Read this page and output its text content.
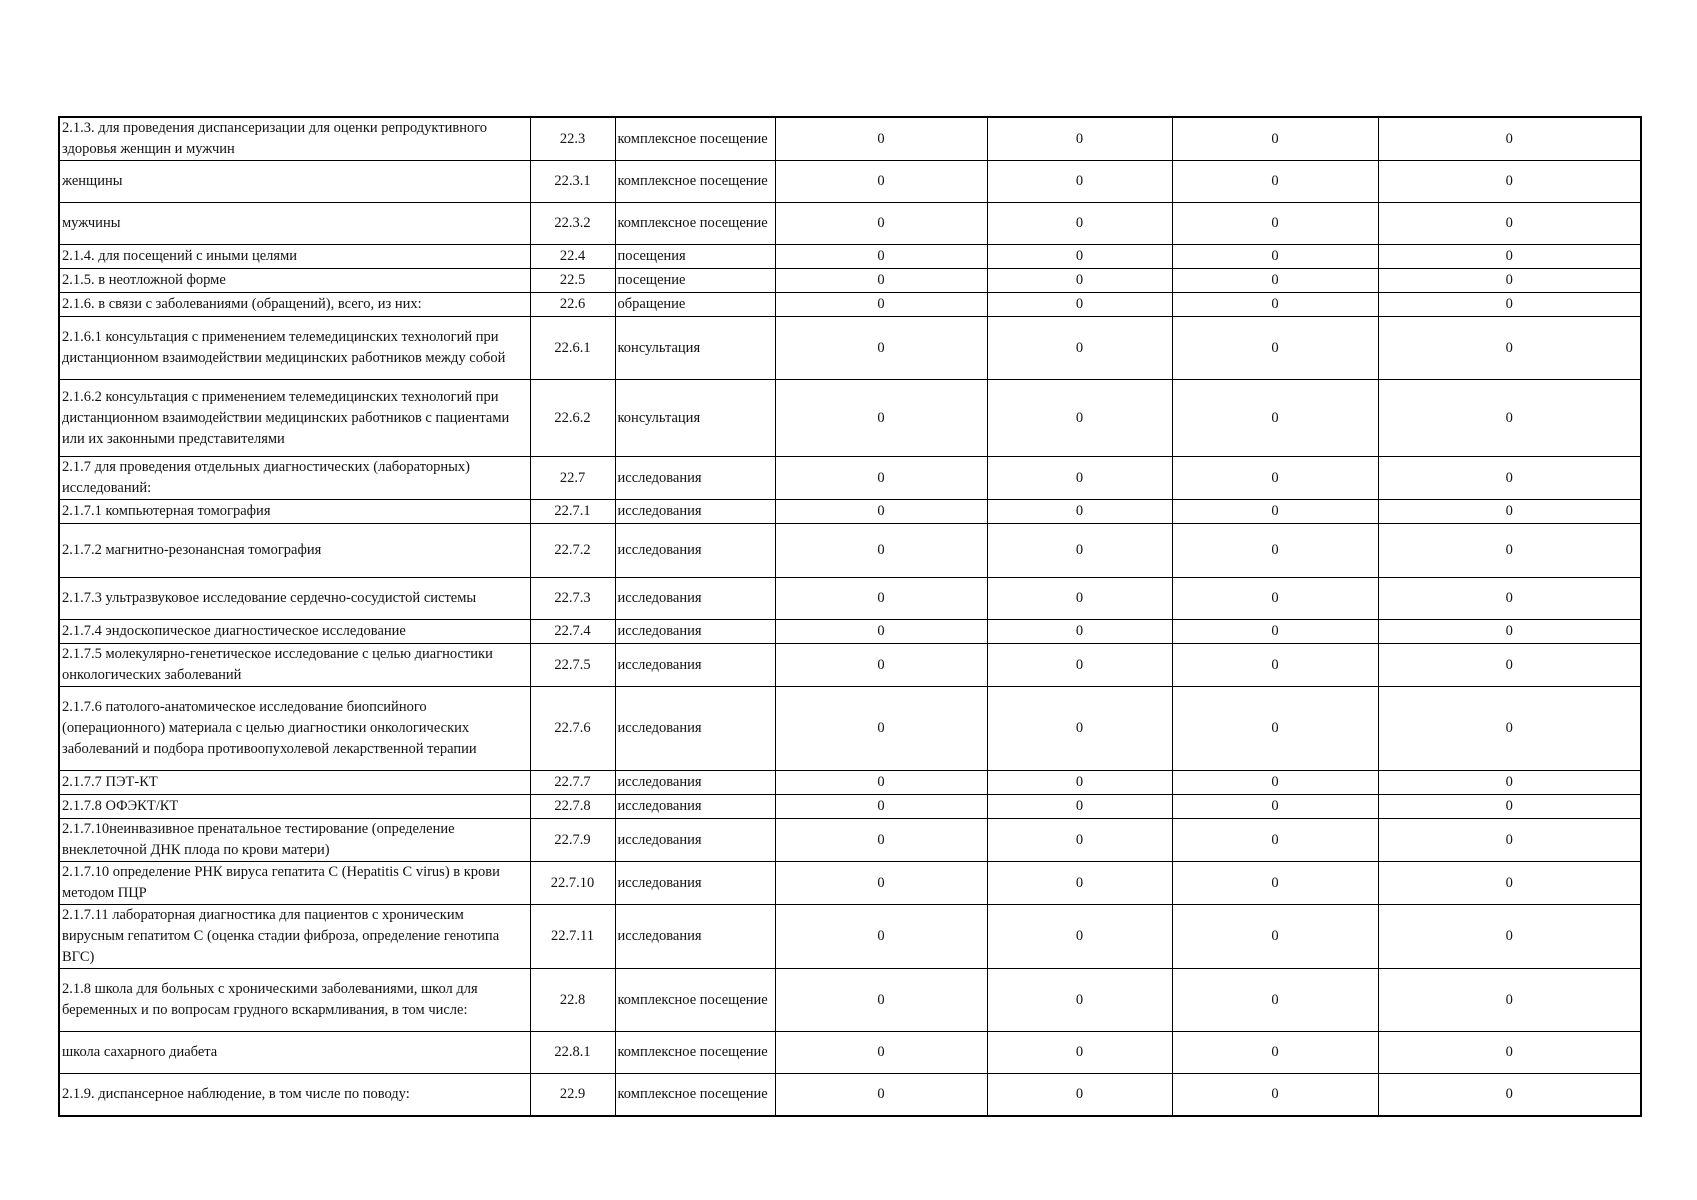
2.1.3. для проведения диспансеризации для оценки репродуктивного здоровья женщин и мужчин	22.3	комплексное посещение	0	0	0	0
женщины	22.3.1	комплексное посещение	0	0	0	0
мужчины	22.3.2	комплексное посещение	0	0	0	0
2.1.4. для посещений с иными целями	22.4	посещения	0	0	0	0
2.1.5. в неотложной форме	22.5	посещение	0	0	0	0
2.1.6. в связи с заболеваниями (обращений), всего, из них:	22.6	обращение	0	0	0	0
2.1.6.1 консультация с применением телемедицинских технологий при дистанционном взаимодействии медицинских работников между собой	22.6.1	консультация	0	0	0	0
2.1.6.2 консультация с применением телемедицинских технологий при дистанционном взаимодействии медицинских работников с пациентами или их законными представителями	22.6.2	консультация	0	0	0	0
2.1.7 для проведения отдельных диагностических (лабораторных) исследований:	22.7	исследования	0	0	0	0
2.1.7.1 компьютерная томография	22.7.1	исследования	0	0	0	0
2.1.7.2 магнитно-резонансная томография	22.7.2	исследования	0	0	0	0
2.1.7.3 ультразвуковое исследование сердечно-сосудистой системы	22.7.3	исследования	0	0	0	0
2.1.7.4 эндоскопическое диагностическое исследование	22.7.4	исследования	0	0	0	0
2.1.7.5 молекулярно-генетическое исследование с целью диагностики онкологических заболеваний	22.7.5	исследования	0	0	0	0
2.1.7.6 патолого-анатомическое исследование биопсийного (операционного) материала с целью диагностики онкологических заболеваний и подбора противоопухолевой лекарственной терапии	22.7.6	исследования	0	0	0	0
2.1.7.7 ПЭТ-КТ	22.7.7	исследования	0	0	0	0
2.1.7.8 ОФЭКТ/КТ	22.7.8	исследования	0	0	0	0
2.1.7.10неинвазивное пренатальное тестирование (определение внеклеточной ДНК плода по крови матери)	22.7.9	исследования	0	0	0	0
2.1.7.10 определение РНК вируса гепатита С (Hepatitis C virus) в крови методом ПЦР	22.7.10	исследования	0	0	0	0
2.1.7.11 лабораторная диагностика для пациентов с хроническим вирусным гепатитом С (оценка стадии фиброза, определение генотипа ВГС)	22.7.11	исследования	0	0	0	0
2.1.8 школа для больных с хроническими заболеваниями, школ для беременных и по вопросам грудного вскармливания, в том числе:	22.8	комплексное посещение	0	0	0	0
школа сахарного диабета	22.8.1	комплексное посещение	0	0	0	0
2.1.9. диспансерное наблюдение, в том числе по поводу:	22.9	комплексное посещение	0	0	0	0
